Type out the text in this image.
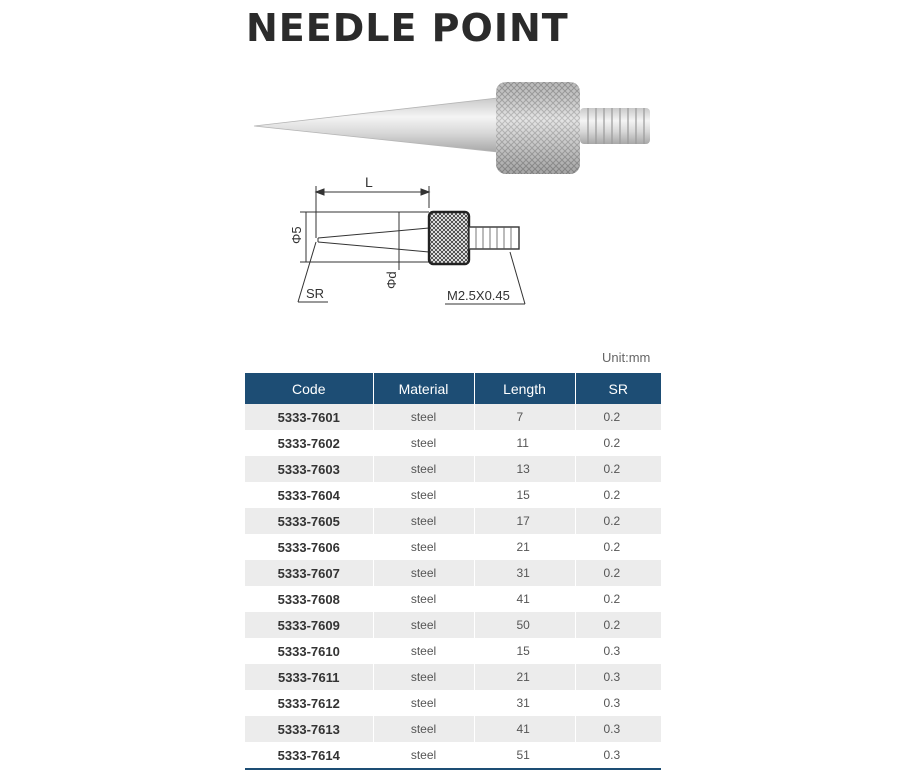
NEEDLE POINT
L
Φ5
Φd
SR	M2.5X0.45
Unit:mm
Code	Material	Length	SR
5333-7601	steel	7	0.2
5333-7602	steel	11	0.2
5333-7603	steel	13	0.2
5333-7604	steel	15	0.2
5333-7605	steel	17	0.2
5333-7606	steel	21	0.2
5333-7607	steel	31	0.2
5333-7608	steel	41	0.2
5333-7609	steel	50	0.2
5333-7610	steel	15	0.3
5333-7611	steel	21	0.3
5333-7612	steel	31	0.3
5333-7613	steel	41	0.3
5333-7614	steel	51	0.3
